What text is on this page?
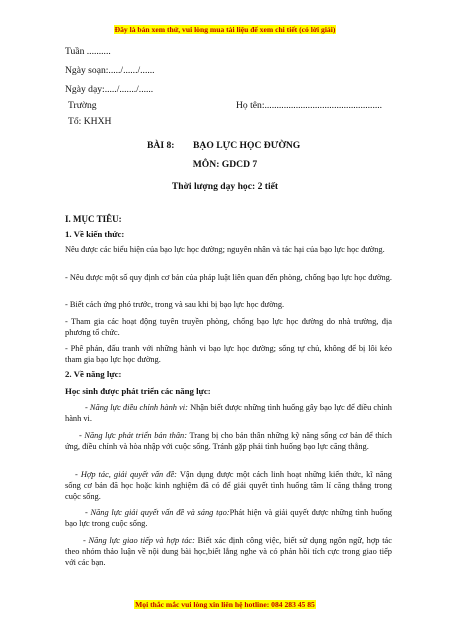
Đây là bản xem thử, vui lòng mua tài liệu để xem chi tiết (có lời giải)
Tuần ..........
Ngày soạn:...../....../......
Ngày dạy:...../......./......
Trường	Họ tên:.................................................
Tổ: KHXH
BÀI 8: BẠO LỰC HỌC ĐƯỜNG
MÔN: GDCD 7
Thời lượng dạy học: 2 tiết
I. MỤC TIÊU:
1. Về kiến thức:
Nêu được các biểu hiện của bạo lực học đường; nguyên nhân và tác hại của bạo lực học đường.
- Nêu được một số quy định cơ bản của pháp luật liên quan đến phòng, chống bạo lực học đường.
- Biết cách ứng phó trước, trong và sau khi bị bạo lực học đường.
- Tham gia các hoạt động tuyên truyền phòng, chống bạo lực học đường do nhà trường, địa phương tổ chức.
- Phê phán, đấu tranh với những hành vi bạo lực học đường; sống tự chủ, không để bị lôi kéo tham gia bạo lực học đường.
2. Về năng lực:
Học sinh được phát triển các năng lực:
- Năng lực điều chỉnh hành vi: Nhận biết được những tình huống gây bạo lực để điều chỉnh hành vi.
- Năng lực phát triển bản thân: Trang bị cho bản thân những kỹ năng sống cơ bản để thích ứng, điều chỉnh và hòa nhập với cuộc sống. Tránh gặp phải tình huống bạo lực căng thẳng.
- Hợp tác, giải quyết vấn đề: Vận dụng được một cách linh hoạt những kiến thức, kĩ năng sống cơ bản đã học hoặc kinh nghiệm đã có để giải quyết tình huống tâm lí căng thẳng trong cuộc sống.
- Năng lực giải quyết vấn đề và sáng tạo:Phát hiện và giải quyết được những tình huống bạo lực trong cuộc sống.
- Năng lực giao tiếp và hợp tác: Biết xác định công việc, biết sử dụng ngôn ngữ, hợp tác theo nhóm thảo luận về nội dung bài học,biết lắng nghe và có phản hồi tích cực trong giao tiếp với các bạn.
Mọi thắc mắc vui lòng xin liên hệ hotline: 084 283 45 85
